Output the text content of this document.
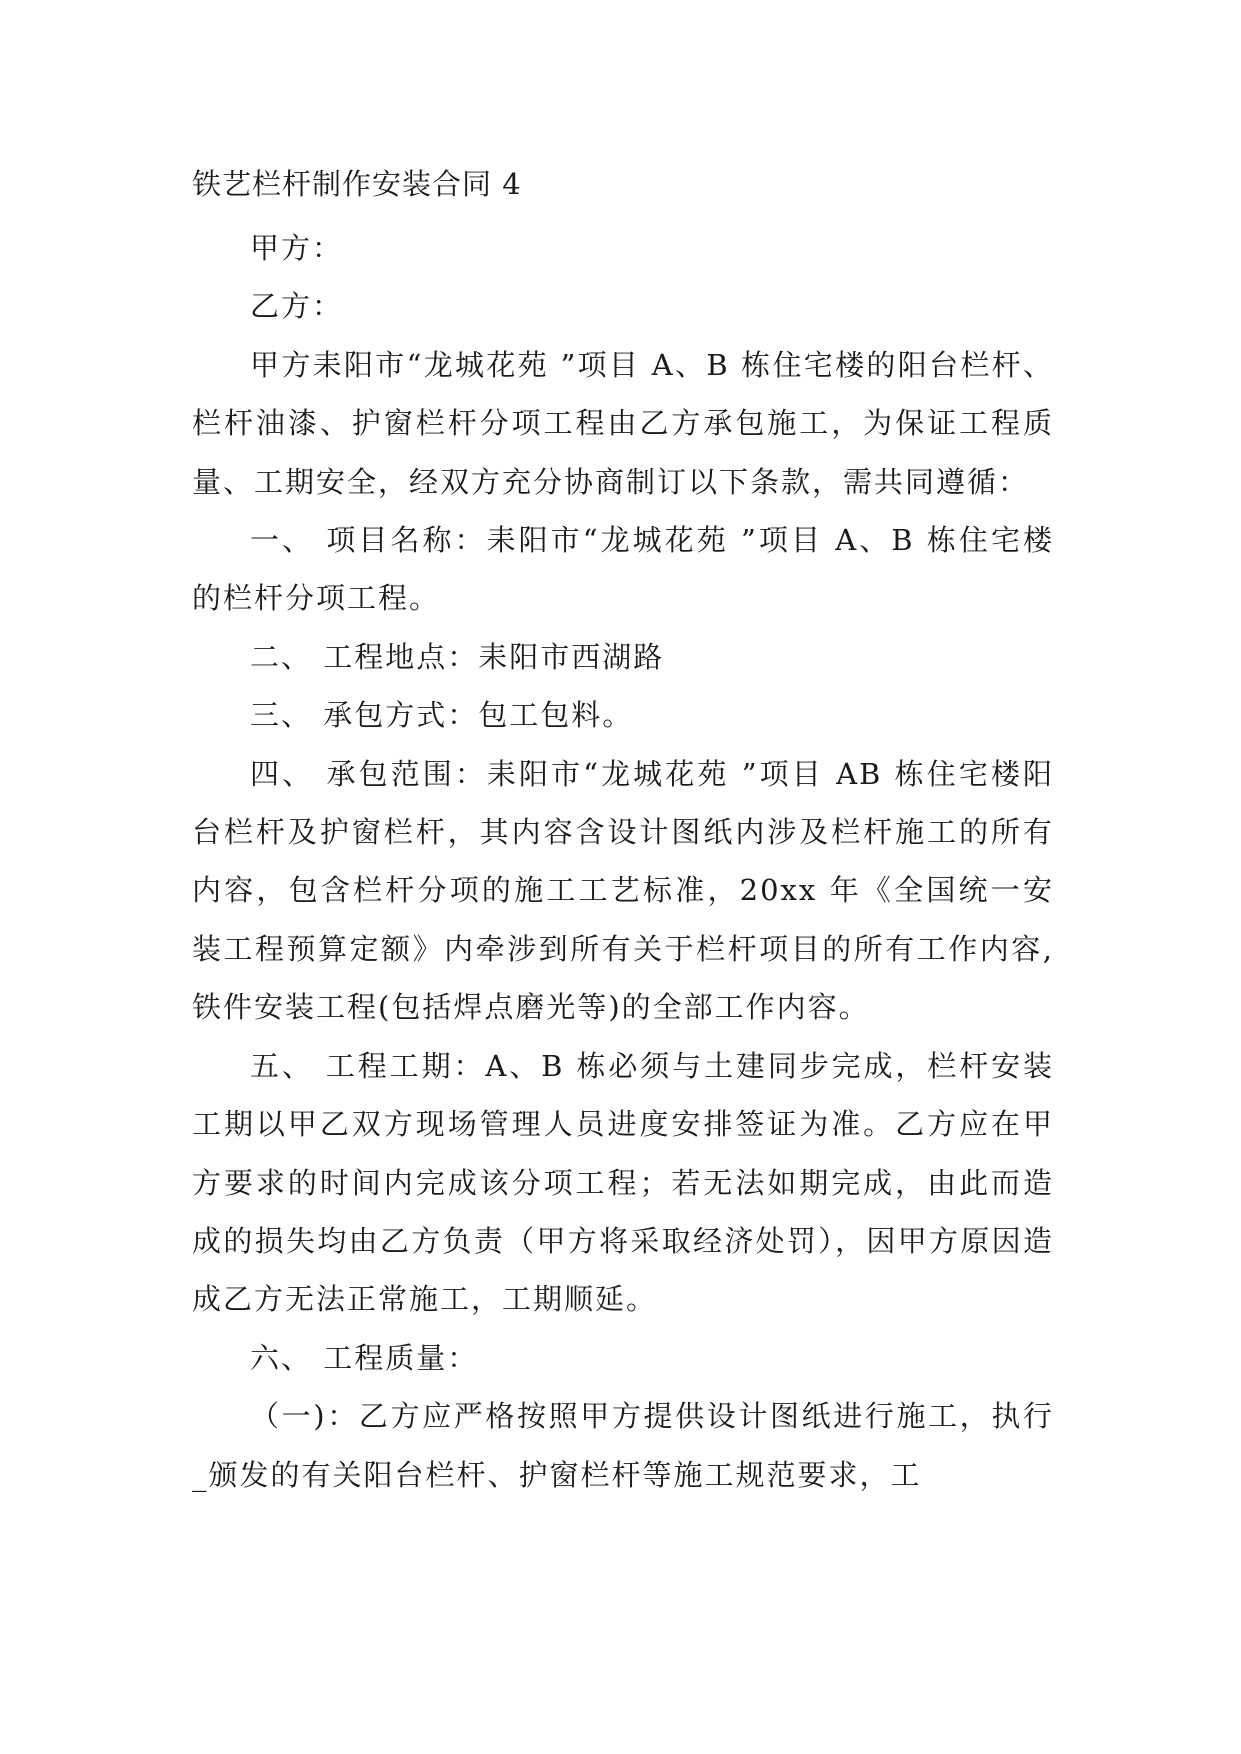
铁艺栏杆制作安装合同 4

甲方：

乙方：

甲方耒阳市“龙城花苑 ”项目 A、B 栋住宅楼的阳台栏杆、栏杆油漆、护窗栏杆分项工程由乙方承包施工，为保证工程质量、工期安全，经双方充分协商制订以下条款，需共同遵循：

一、 项目名称：耒阳市“龙城花苑 ”项目 A、B 栋住宅楼的栏杆分项工程。

二、 工程地点：耒阳市西湖路

三、 承包方式：包工包料。

四、 承包范围：耒阳市“龙城花苑 ”项目 AB 栋住宅楼阳台栏杆及护窗栏杆，其内容含设计图纸内涉及栏杆施工的所有内容，包含栏杆分项的施工工艺标准，20xx 年《全国统一安装工程预算定额》内牵涉到所有关于栏杆项目的所有工作内容,铁件安装工程(包括焊点磨光等)的全部工作内容。

五、 工程工期：A、B 栋必须与土建同步完成，栏杆安装工期以甲乙双方现场管理人员进度安排签证为准。乙方应在甲方要求的时间内完成该分项工程；若无法如期完成，由此而造成的损失均由乙方负责（甲方将采取经济处罚），因甲方原因造成乙方无法正常施工，工期顺延。

六、 工程质量：

（一)：乙方应严格按照甲方提供设计图纸进行施工，执行_颁发的有关阳台栏杆、护窗栏杆等施工规范要求，工
